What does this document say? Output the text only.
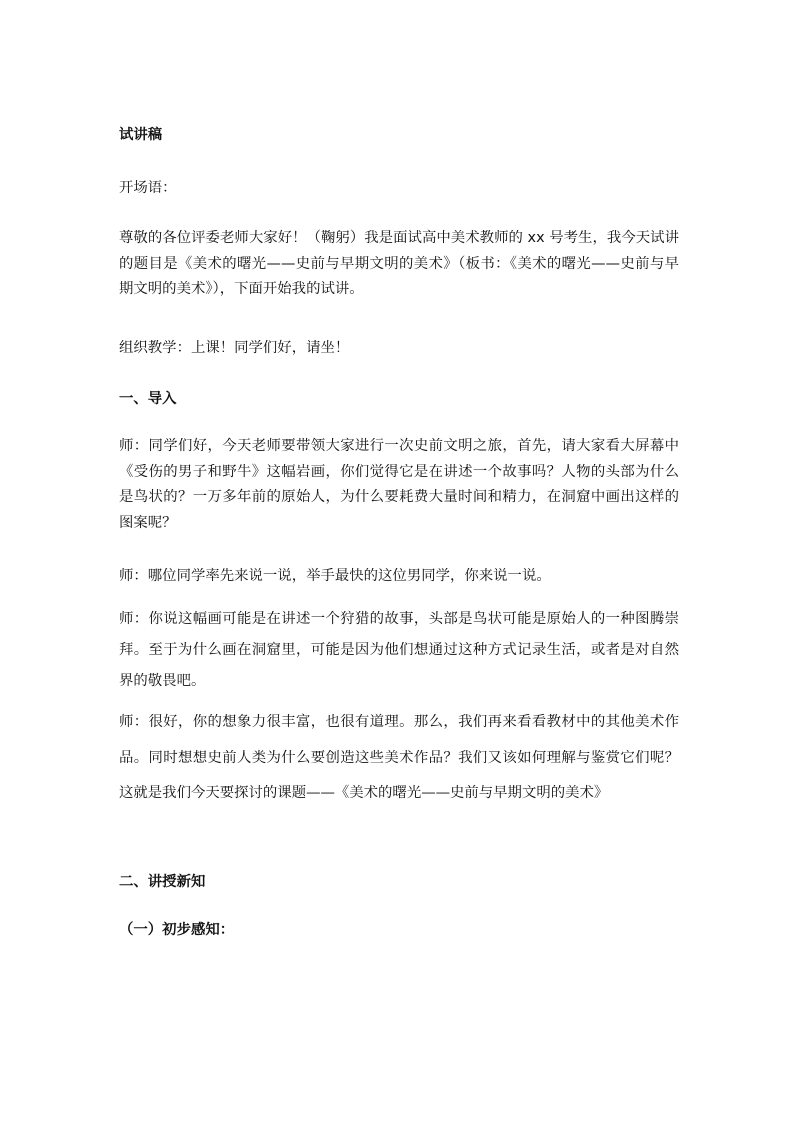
试讲稿

开场语：

尊敬的各位评委老师大家好！（鞠躬）我是面试高中美术教师的 xx 号考生，我今天试讲的题目是《美术的曙光——史前与早期文明的美术》（板书：《美术的曙光——史前与早期文明的美术》），下面开始我的试讲。

组织教学：上课！同学们好，请坐！

一、导入

师：同学们好，今天老师要带领大家进行一次史前文明之旅，首先，请大家看大屏幕中《受伤的男子和野牛》这幅岩画，你们觉得它是在讲述一个故事吗？人物的头部为什么是鸟状的？一万多年前的原始人，为什么要耗费大量时间和精力，在洞窟中画出这样的图案呢？

师：哪位同学率先来说一说，举手最快的这位男同学，你来说一说。

师：你说这幅画可能是在讲述一个狩猎的故事，头部是鸟状可能是原始人的一种图腾崇拜。至于为什么画在洞窟里，可能是因为他们想通过这种方式记录生活，或者是对自然界的敬畏吧。

师：很好，你的想象力很丰富，也很有道理。那么，我们再来看看教材中的其他美术作品。同时想想史前人类为什么要创造这些美术作品？我们又该如何理解与鉴赏它们呢？这就是我们今天要探讨的课题——《美术的曙光——史前与早期文明的美术》

二、讲授新知

（一）初步感知：
